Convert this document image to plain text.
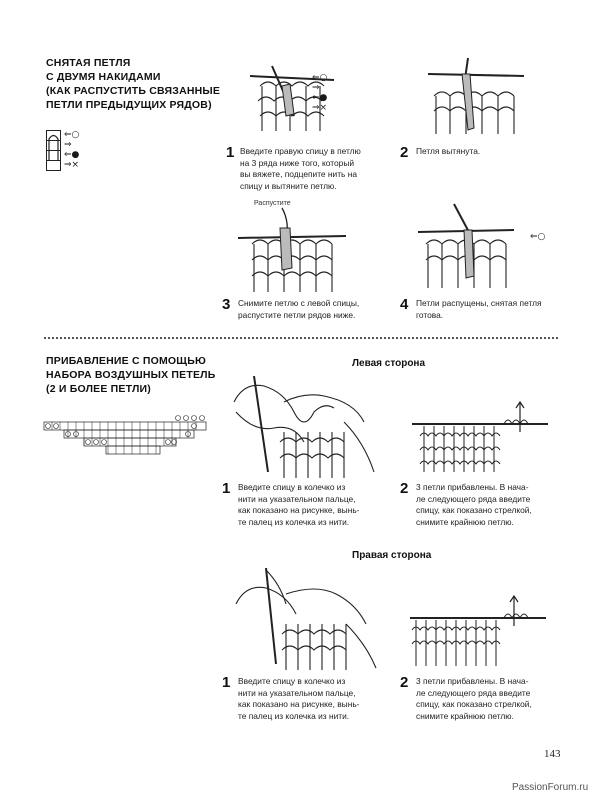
СНЯТАЯ ПЕТЛЯ
С ДВУМЯ НАКИДАМИ
(КАК РАСПУСТИТЬ СВЯЗАННЫЕ
ПЕТЛИ ПРЕДЫДУЩИХ РЯДОВ)
⇐○
⇒
⇐●
⇒×
⇐○
⇒
⇐●
⇒×
1 Введите правую спицу в петлю
на 3 ряда ниже того, который
вы вяжете, подцепите нить на
спицу и вытяните петлю.
2 Петля вытянута.
Распустите
⇐○
3 Снимите петлю с левой спицы,
распустите петли рядов ниже.
4 Петли распущены, снятая петля
готова.
ПРИБАВЛЕНИЕ С ПОМОЩЬЮ
НАБОРА ВОЗДУШНЫХ ПЕТЕЛЬ
(2 И БОЛЕЕ ПЕТЛИ)
Левая сторона
1 Введите спицу в колечко из
нити на указательном пальце,
как показано на рисунке, вынь-
те палец из колечка из нити.
2 3 петли прибавлены. В нача-
ле следующего ряда введите
спицу, как показано стрелкой,
снимите крайнюю петлю.
Правая сторона
1 Введите спицу в колечко из
нити на указательном пальце,
как показано на рисунке, вынь-
те палец из колечка из нити.
2 3 петли прибавлены. В нача-
ле следующего ряда введите
спицу, как показано стрелкой,
снимите крайнюю петлю.
143
PassionForum.ru
